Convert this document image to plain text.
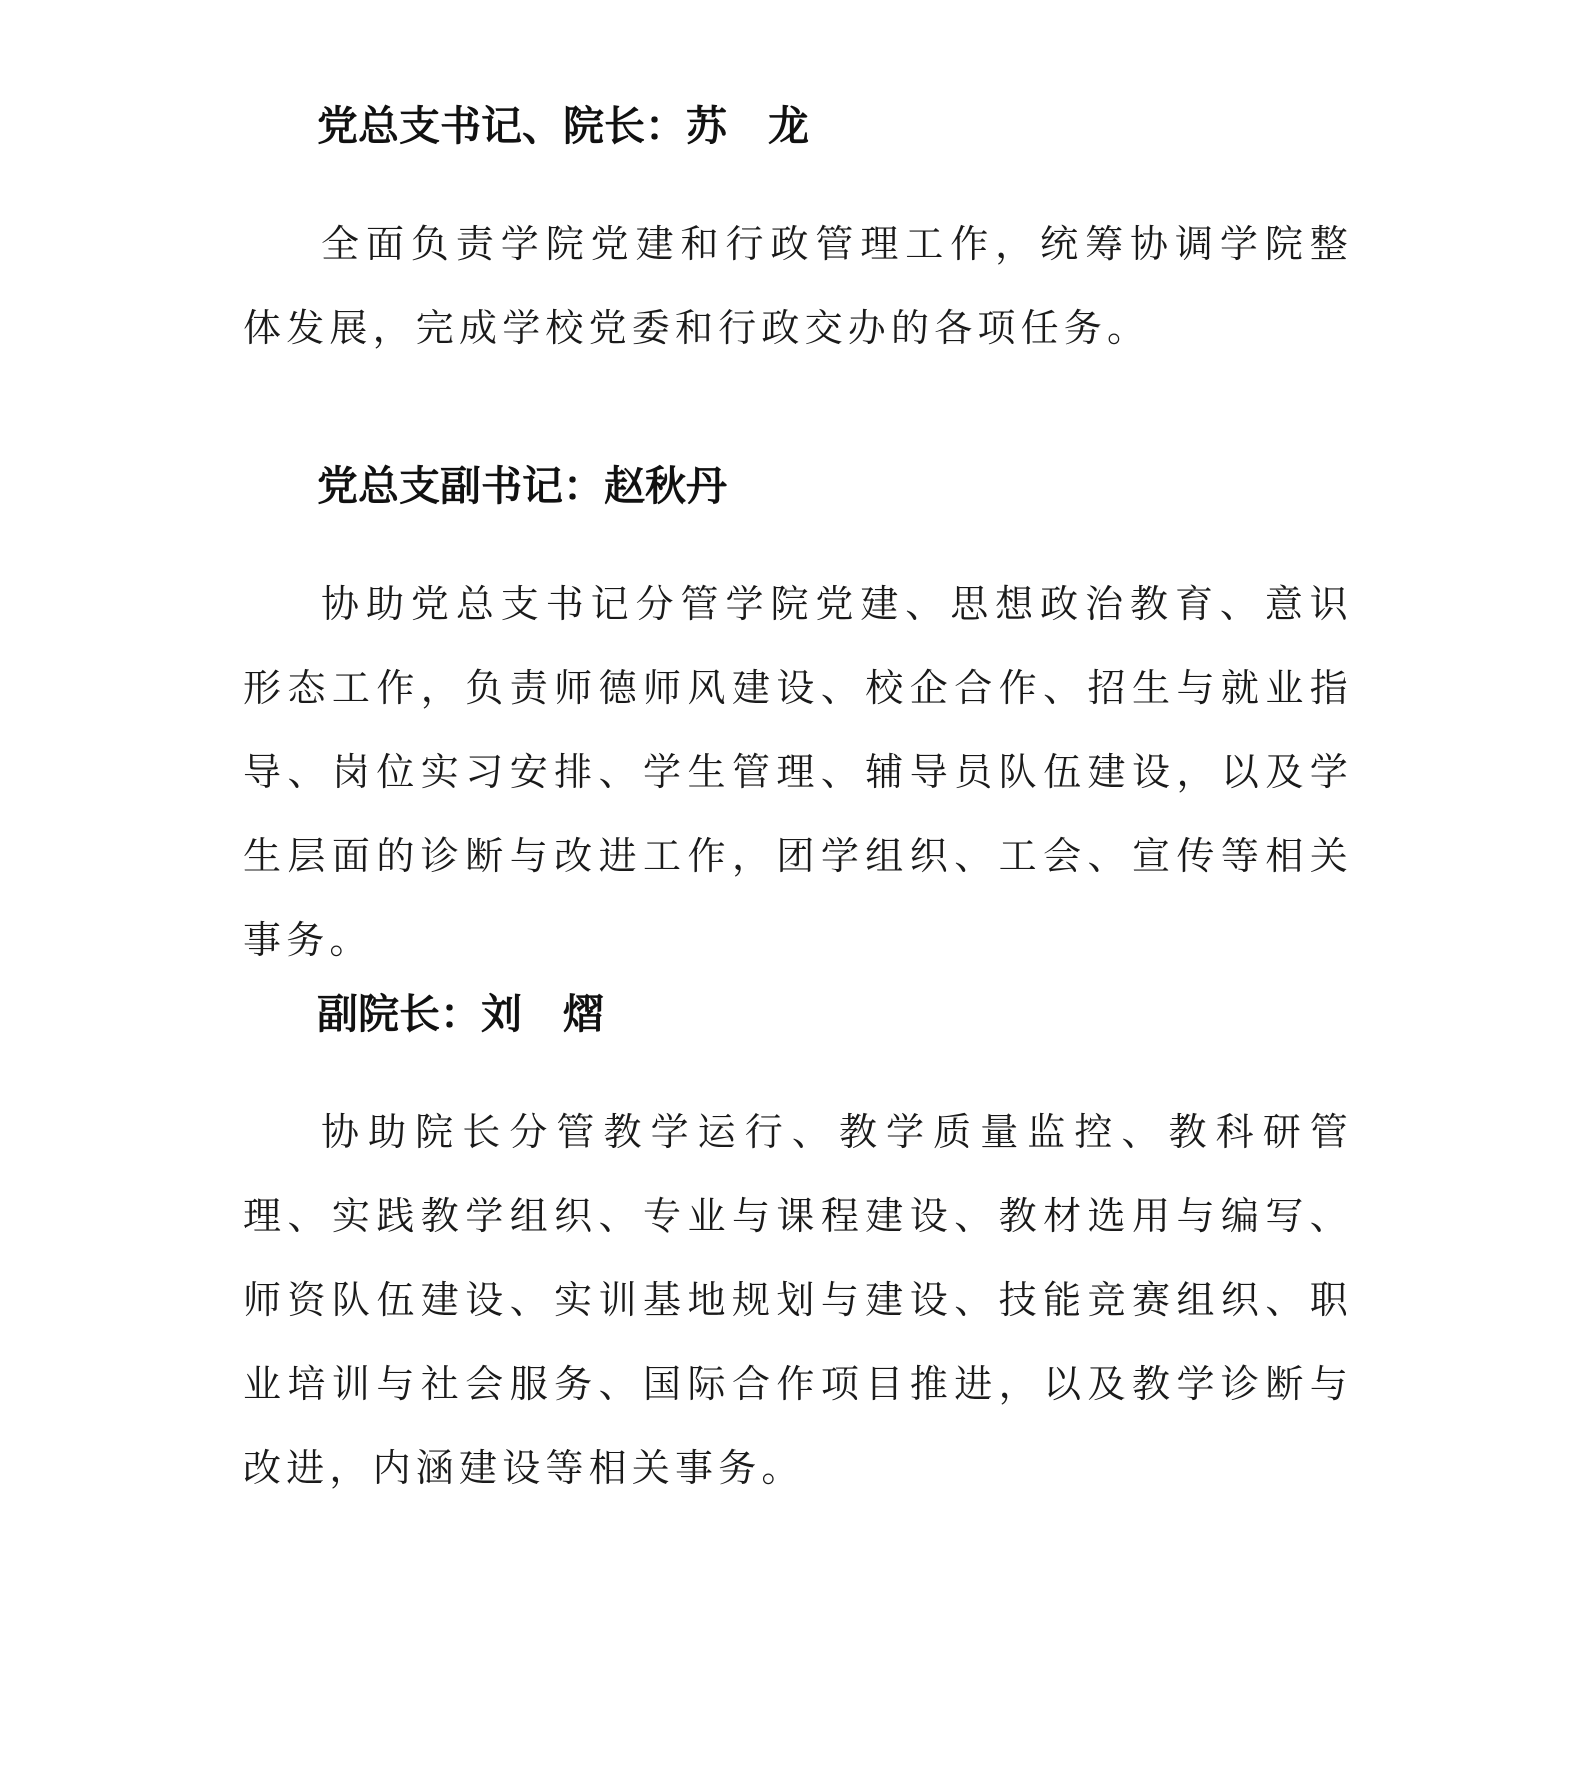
党总支书记、院长：苏　龙

全面负责学院党建和行政管理工作，统筹协调学院整体发展，完成学校党委和行政交办的各项任务。

党总支副书记：赵秋丹

协助党总支书记分管学院党建、思想政治教育、意识形态工作，负责师德师风建设、校企合作、招生与就业指导、岗位实习安排、学生管理、辅导员队伍建设，以及学生层面的诊断与改进工作，团学组织、工会、宣传等相关事务。

副院长：刘　熠

协助院长分管教学运行、教学质量监控、教科研管理、实践教学组织、专业与课程建设、教材选用与编写、师资队伍建设、实训基地规划与建设、技能竞赛组织、职业培训与社会服务、国际合作项目推进，以及教学诊断与改进，内涵建设等相关事务。
